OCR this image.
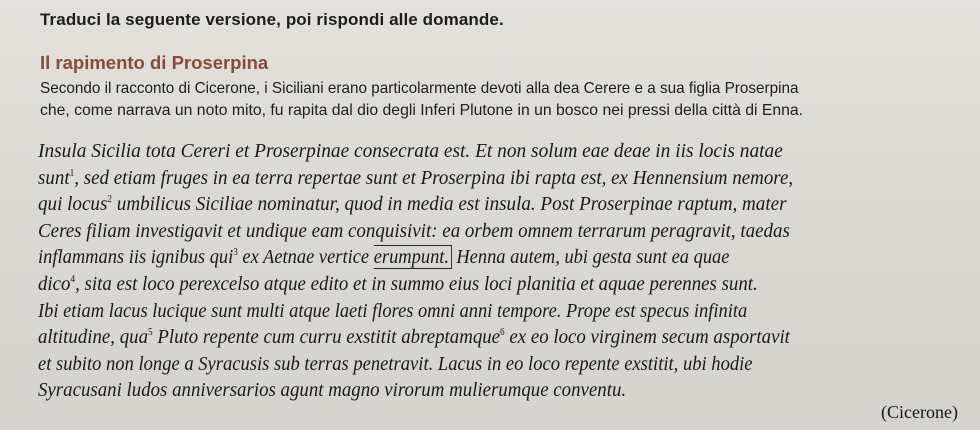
Traduci la seguente versione, poi rispondi alle domande.
Il rapimento di Proserpina
Secondo il racconto di Cicerone, i Siciliani erano particolarmente devoti alla dea Cerere e a sua figlia Proserpina
che, come narrava un noto mito, fu rapita dal dio degli Inferi Plutone in un bosco nei pressi della città di Enna.
Insula Sicilia tota Cereri et Proserpinae consecrata est. Et non solum eae deae in iis locis natae
sunt$^1$, sed etiam fruges in ea terra repertae sunt et Proserpina ibi rapta est, ex Hennensium nemore,
qui locus$^2$ umbilicus Siciliae nominatur, quod in media est insula. Post Proserpinae raptum, mater
Ceres filiam investigavit et undique eam conquisivit: ea orbem omnem terrarum peragravit, taedas
inflammans iis ignibus qui$^3$ ex Aetnae vertice erumpunt. Henna autem, ubi gesta sunt ea quae
dico$^4$, sita est loco perexcelso atque edito et in summo eius loci planitia et aquae perennes sunt.
Ibi etiam lacus lucique sunt multi atque laeti flores omni anni tempore. Prope est specus infinita
altitudine, qua$^5$ Pluto repente cum curru exstitit abreptamque$^6$ ex eo loco virginem secum asportavit
et subito non longe a Syracusis sub terras penetravit. Lacus in eo loco repente exstitit, ubi hodie
Syracusani ludos anniversarios agunt magno virorum mulierumque conventu.
(Cicerone)
